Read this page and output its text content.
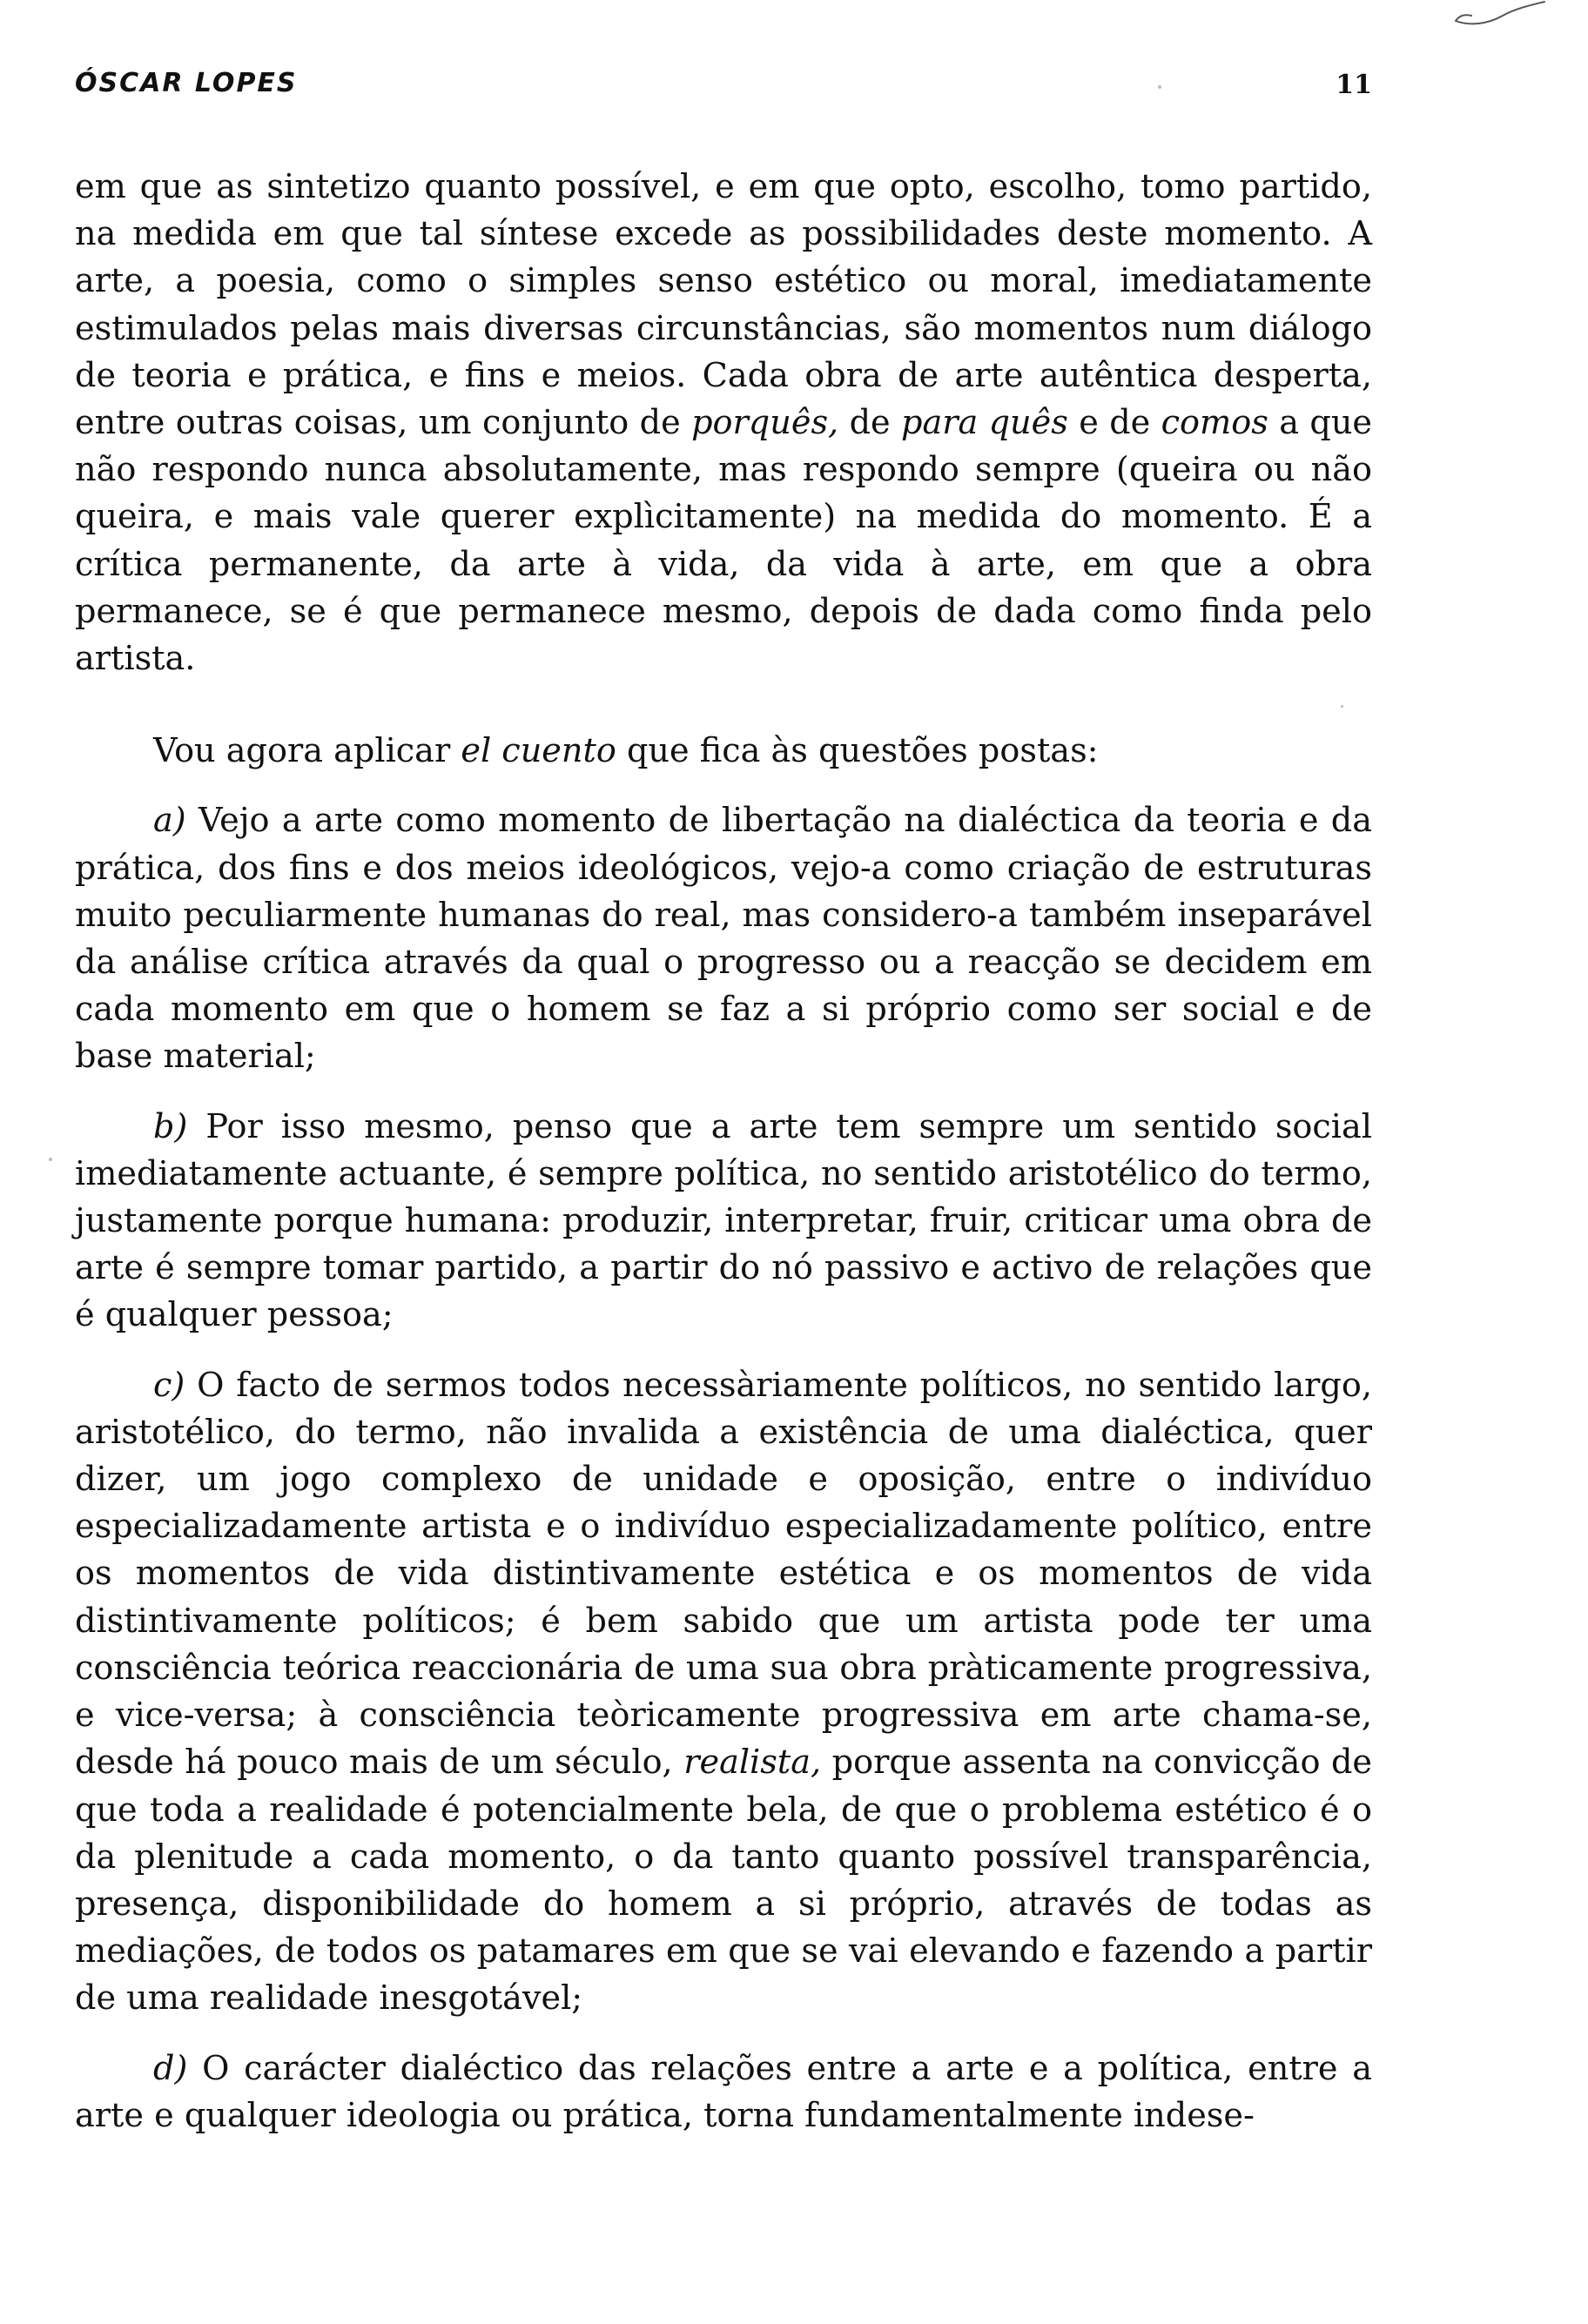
ÓSCAR LOPES	11

em que as sintetizo quanto possível, e em que opto, escolho, tomo partido, na medida em que tal síntese excede as possibilidades deste momento. A arte, a poesia, como o simples senso estético ou moral, imediatamente estimulados pelas mais diversas circunstâncias, são momentos num diálogo de teoria e prática, e fins e meios. Cada obra de arte autêntica desperta, entre outras coisas, um conjunto de porquês, de para quês e de comos a que não respondo nunca absolutamente, mas respondo sempre (queira ou não queira, e mais vale querer explìcitamente) na medida do momento. É a crítica permanente, da arte à vida, da vida à arte, em que a obra permanece, se é que permanece mesmo, depois de dada como finda pelo artista.

Vou agora aplicar el cuento que fica às questões postas:

a) Vejo a arte como momento de libertação na dialéctica da teoria e da prática, dos fins e dos meios ideológicos, vejo-a como criação de estruturas muito peculiarmente humanas do real, mas considero-a também inseparável da análise crítica através da qual o progresso ou a reacção se decidem em cada momento em que o homem se faz a si próprio como ser social e de base material;

b) Por isso mesmo, penso que a arte tem sempre um sentido social imediatamente actuante, é sempre política, no sentido aristotélico do termo, justamente porque humana: produzir, interpretar, fruir, criticar uma obra de arte é sempre tomar partido, a partir do nó passivo e activo de relações que é qualquer pessoa;

c) O facto de sermos todos necessàriamente políticos, no sentido largo, aristotélico, do termo, não invalida a existência de uma dialéctica, quer dizer, um jogo complexo de unidade e oposição, entre o indivíduo especializadamente artista e o indivíduo especializadamente político, entre os momentos de vida distintivamente estética e os momentos de vida distintivamente políticos; é bem sabido que um artista pode ter uma consciência teórica reaccionária de uma sua obra pràticamente progressiva, e vice-versa; à consciência teòricamente progressiva em arte chama-se, desde há pouco mais de um século, realista, porque assenta na convicção de que toda a realidade é potencialmente bela, de que o problema estético é o da plenitude a cada momento, o da tanto quanto possível transparência, presença, disponibilidade do homem a si próprio, através de todas as mediações, de todos os patamares em que se vai elevando e fazendo a partir de uma realidade inesgotável;

d) O carácter dialéctico das relações entre a arte e a política, entre a arte e qualquer ideologia ou prática, torna fundamentalmente indese-
